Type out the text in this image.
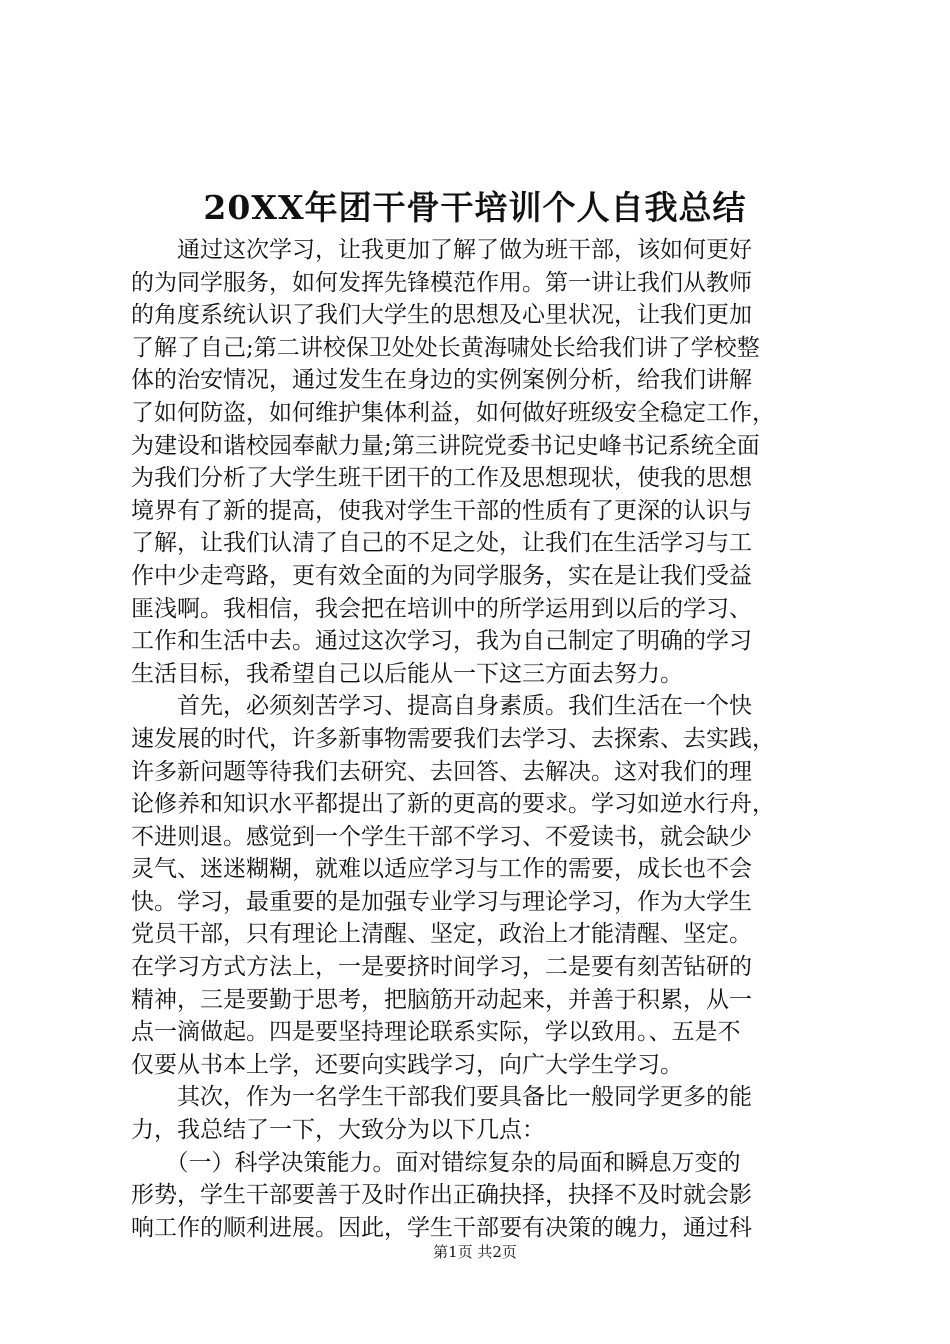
20XX年团干骨干培训个人自我总结
　　通过这次学习，让我更加了解了做为班干部，该如何更好
的为同学服务，如何发挥先锋模范作用。第一讲让我们从教师
的角度系统认识了我们大学生的思想及心里状况，让我们更加
了解了自己;第二讲校保卫处处长黄海啸处长给我们讲了学校整
体的治安情况，通过发生在身边的实例案例分析，给我们讲解
了如何防盗，如何维护集体利益，如何做好班级安全稳定工作，
为建设和谐校园奉献力量;第三讲院党委书记史峰书记系统全面
为我们分析了大学生班干团干的工作及思想现状，使我的思想
境界有了新的提高，使我对学生干部的性质有了更深的认识与
了解，让我们认清了自己的不足之处，让我们在生活学习与工
作中少走弯路，更有效全面的为同学服务，实在是让我们受益
匪浅啊。我相信，我会把在培训中的所学运用到以后的学习、
工作和生活中去。通过这次学习，我为自己制定了明确的学习
生活目标，我希望自己以后能从一下这三方面去努力。
　　首先，必须刻苦学习、提高自身素质。我们生活在一个快
速发展的时代，许多新事物需要我们去学习、去探索、去实践，
许多新问题等待我们去研究、去回答、去解决。这对我们的理
论修养和知识水平都提出了新的更高的要求。学习如逆水行舟，
不进则退。感觉到一个学生干部不学习、不爱读书，就会缺少
灵气、迷迷糊糊，就难以适应学习与工作的需要，成长也不会
快。学习，最重要的是加强专业学习与理论学习，作为大学生
党员干部，只有理论上清醒、坚定，政治上才能清醒、坚定。
在学习方式方法上，一是要挤时间学习，二是要有刻苦钻研的
精神，三是要勤于思考，把脑筋开动起来，并善于积累，从一
点一滴做起。四是要坚持理论联系实际，学以致用。、五是不
仅要从书本上学，还要向实践学习，向广大学生学习。
　　其次，作为一名学生干部我们要具备比一般同学更多的能
力，我总结了一下，大致分为以下几点：
　　（一）科学决策能力。面对错综复杂的局面和瞬息万变的
形势，学生干部要善于及时作出正确抉择，抉择不及时就会影
响工作的顺利进展。因此，学生干部要有决策的魄力，通过科
第1页 共2页
